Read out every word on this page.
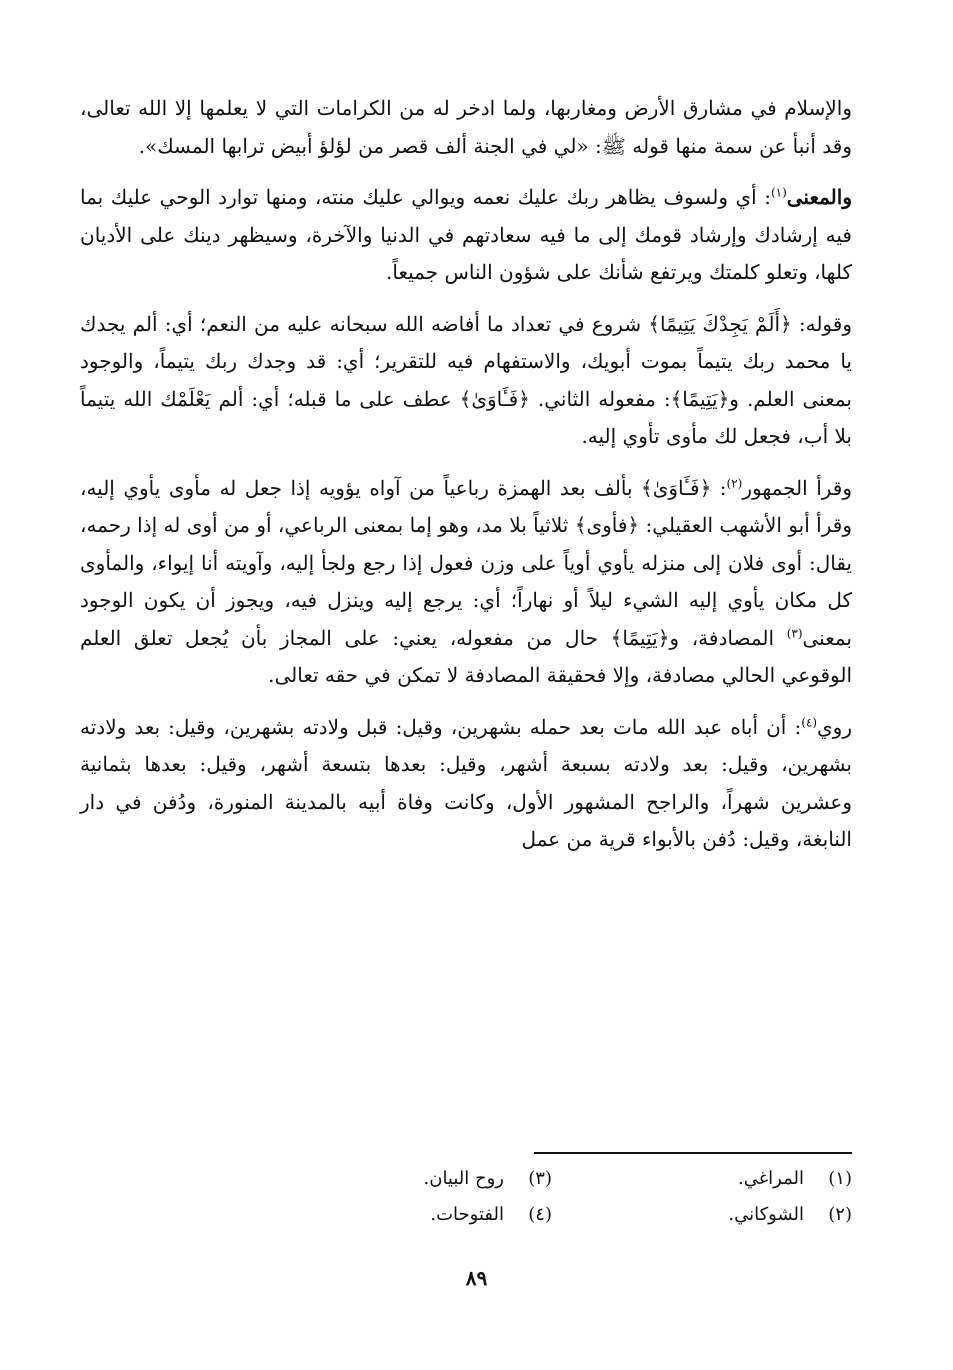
والإسلام في مشارق الأرض ومغاربها، ولما ادخر له من الكرامات التي لا يعلمها إلا الله تعالى، وقد أنبأ عن سمة منها قوله ﷺ: «لي في الجنة ألف قصر من لؤلؤ أبيض ترابها المسك».

والمعنى$^{(١)}$: أي ولسوف يظاهر ربك عليك نعمه ويوالي عليك منته، ومنها توارد الوحي عليك بما فيه إرشادك وإرشاد قومك إلى ما فيه سعادتهم في الدنيا والآخرة، وسيظهر دينك على الأديان كلها، وتعلو كلمتك ويرتفع شأنك على شؤون الناس جميعاً.

وقوله: ﴿أَلَمْ يَجِدْكَ يَتِيمًا﴾ شروع في تعداد ما أفاضه الله سبحانه عليه من النعم؛ أي: ألم يجدك يا محمد ربك يتيماً بموت أبويك، والاستفهام فيه للتقرير؛ أي: قد وجدك ربك يتيماً، والوجود بمعنى العلم. و﴿يَتِيمًا﴾: مفعوله الثاني. ﴿فَـَٔاوَىٰ﴾ عطف على ما قبله؛ أي: ألم يَعْلَمْك الله يتيماً بلا أب، فجعل لك مأوى تأوي إليه.

وقرأ الجمهور$^{(٢)}$: ﴿فَـَٔاوَىٰ﴾ بألف بعد الهمزة رباعياً من آواه يؤويه إذا جعل له مأوى يأوي إليه، وقرأ أبو الأشهب العقيلي: ﴿فأوى﴾ ثلاثياً بلا مد، وهو إما بمعنى الرباعي، أو من أوى له إذا رحمه، يقال: أوى فلان إلى منزله يأوي أوياً على وزن فعول إذا رجع ولجأ إليه، وآويته أنا إيواء، والمأوى كل مكان يأوي إليه الشيء ليلاً أو نهاراً؛ أي: يرجع إليه وينزل فيه، ويجوز أن يكون الوجود بمعنى$^{(٣)}$ المصادفة، و﴿يَتِيمًا﴾ حال من مفعوله، يعني: على المجاز بأن يُجعل تعلق العلم الوقوعي الحالي مصادفة، وإلا فحقيقة المصادفة لا تمكن في حقه تعالى.

روي$^{(٤)}$: أن أباه عبد الله مات بعد حمله بشهرين، وقيل: قبل ولادته بشهرين، وقيل: بعد ولادته بشهرين، وقيل: بعد ولادته بسبعة أشهر، وقيل: بعدها بتسعة أشهر، وقيل: بعدها بثمانية وعشرين شهراً، والراجح المشهور الأول، وكانت وفاة أبيه بالمدينة المنورة، ودُفن في دار النابغة، وقيل: دُفن بالأبواء قرية من عمل

(١)المراغي.
(٣)روح البيان.
(٢)الشوكاني.
(٤)الفتوحات.
٨٩
